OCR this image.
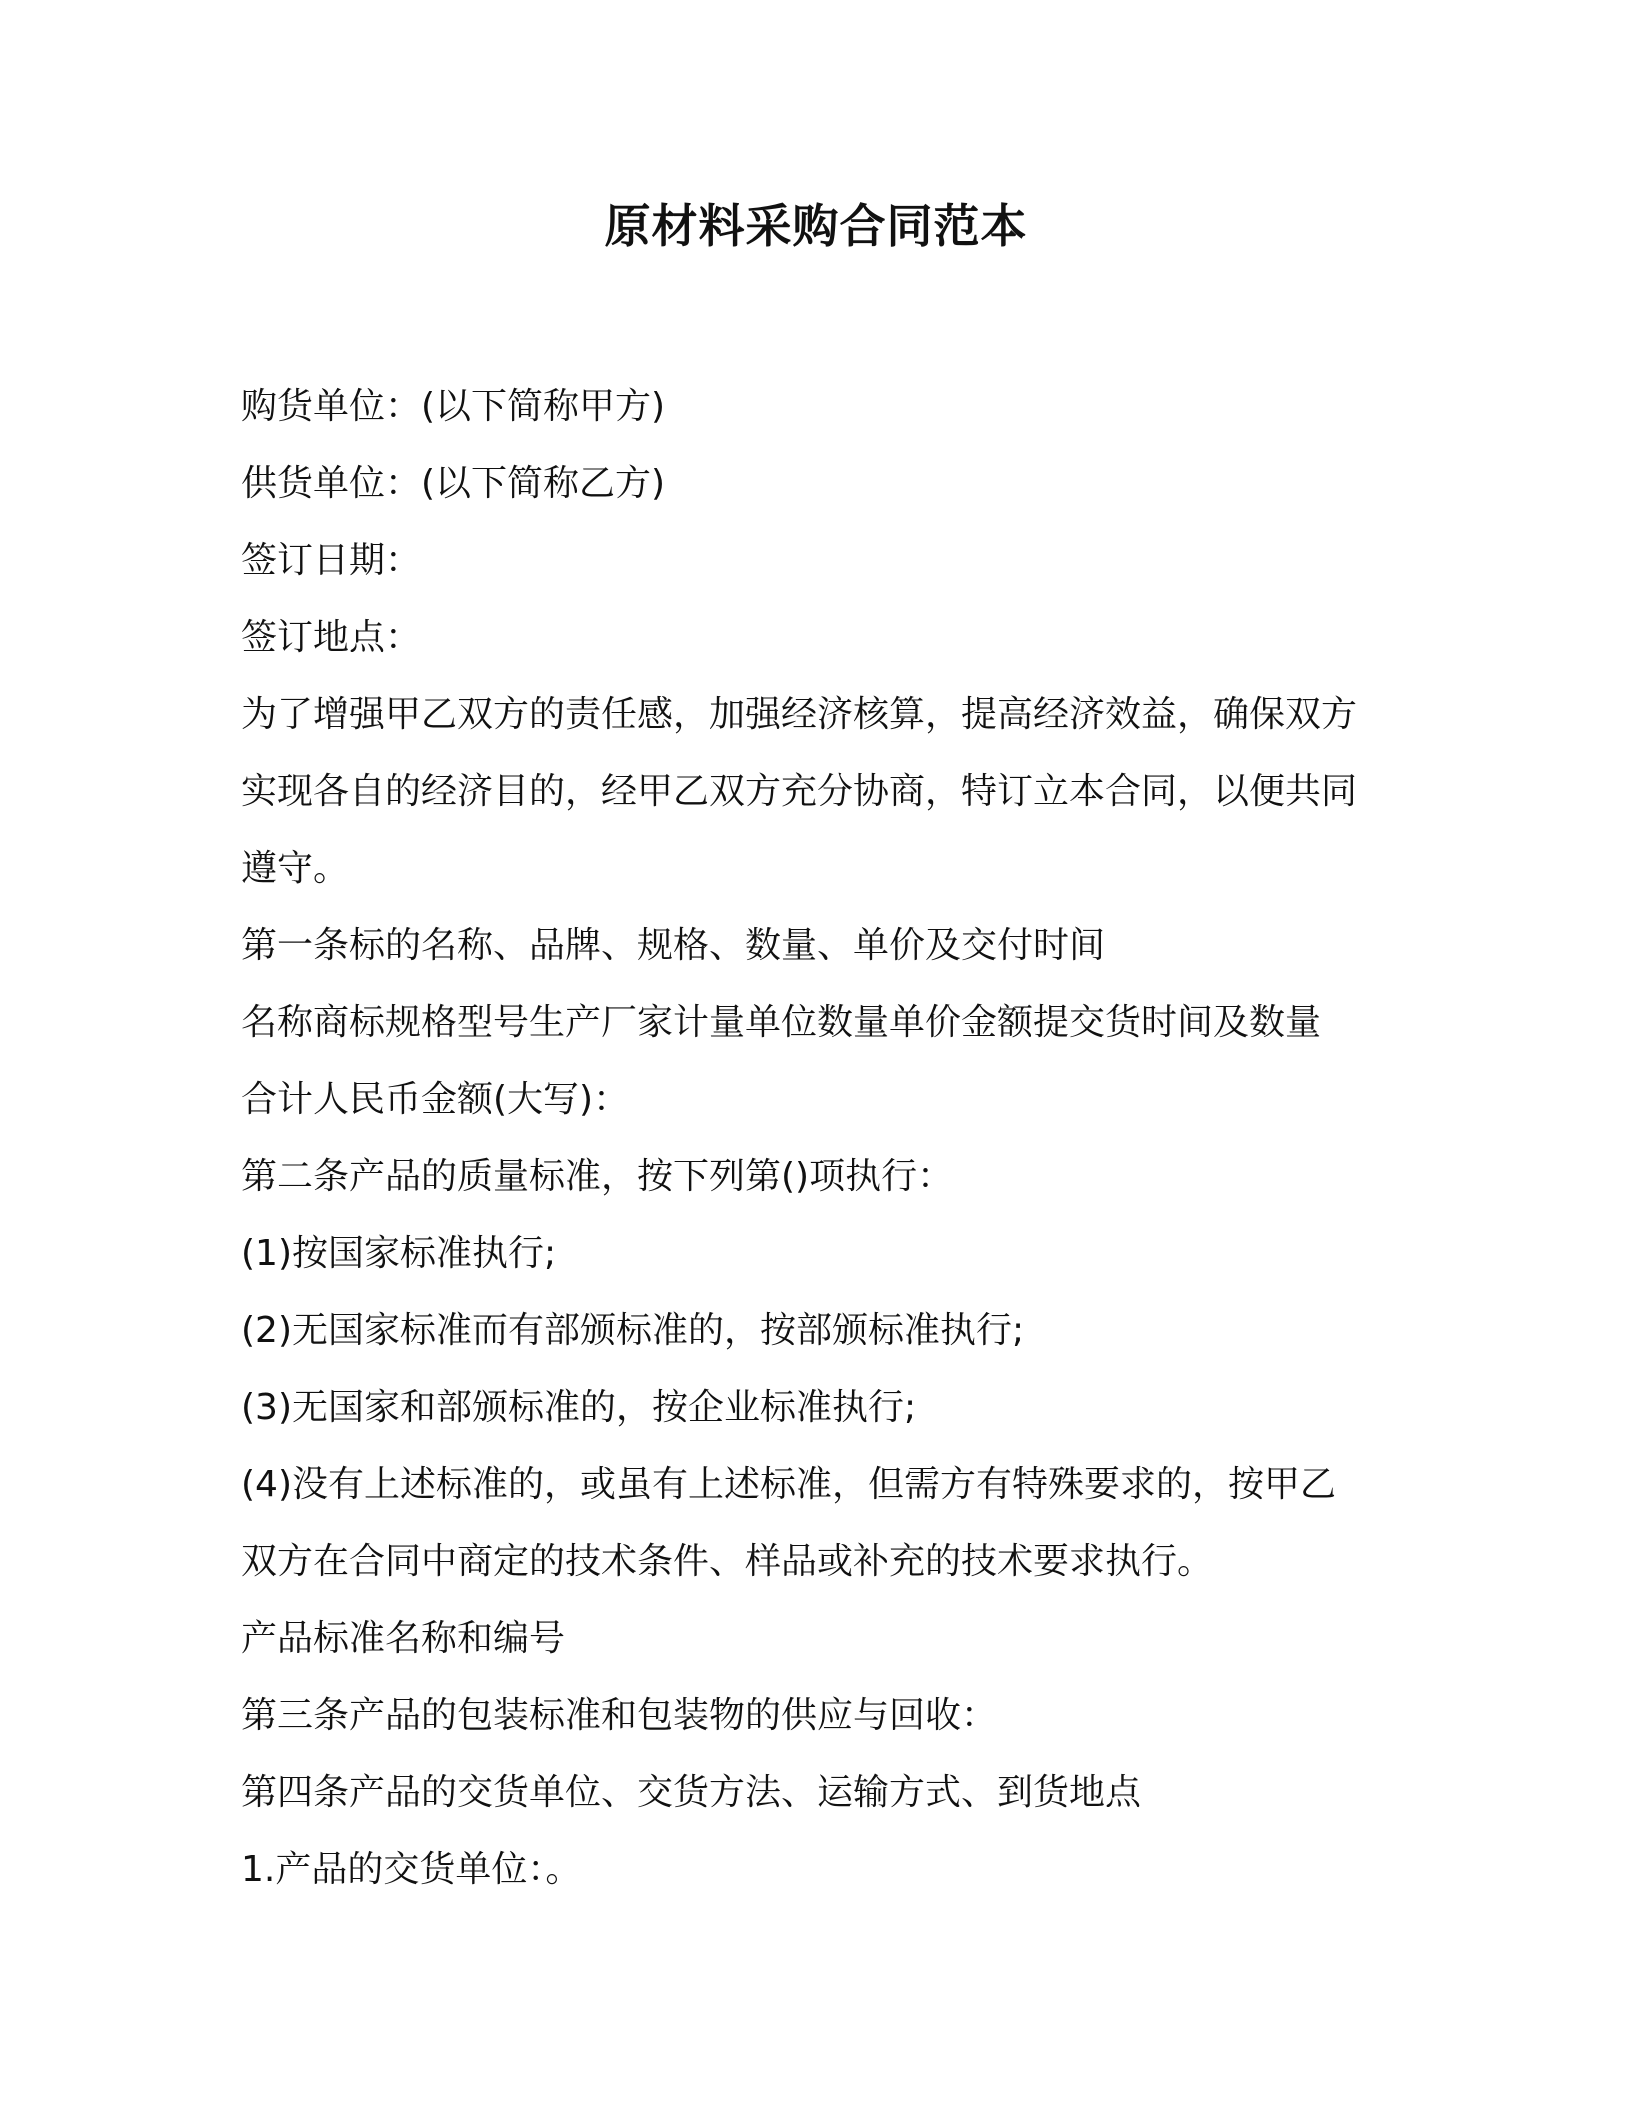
原材料采购合同范本

购货单位：(以下简称甲方)

供货单位：(以下简称乙方)

签订日期：

签订地点：

为了增强甲乙双方的责任感，加强经济核算，提高经济效益，确保双方实现各自的经济目的，经甲乙双方充分协商，特订立本合同，以便共同遵守。

第一条标的名称、品牌、规格、数量、单价及交付时间

名称商标规格型号生产厂家计量单位数量单价金额提交货时间及数量

合计人民币金额(大写)：

第二条产品的质量标准，按下列第()项执行：

(1)按国家标准执行;

(2)无国家标准而有部颁标准的，按部颁标准执行;

(3)无国家和部颁标准的，按企业标准执行;

(4)没有上述标准的，或虽有上述标准，但需方有特殊要求的，按甲乙双方在合同中商定的技术条件、样品或补充的技术要求执行。

产品标准名称和编号

第三条产品的包装标准和包装物的供应与回收：

第四条产品的交货单位、交货方法、运输方式、到货地点

1.产品的交货单位：。
